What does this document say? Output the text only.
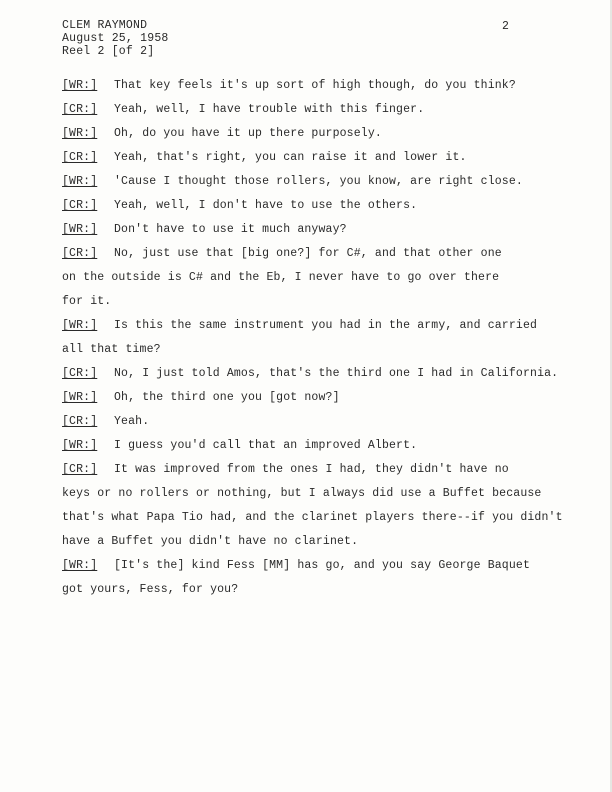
CLEM RAYMOND
August 25, 1958
Reel 2 [of 2]
2
[WR:] That key feels it's up sort of high though, do you think?
[CR:] Yeah, well, I have trouble with this finger.
[WR:] Oh, do you have it up there purposely.
[CR:] Yeah, that's right, you can raise it and lower it.
[WR:] 'Cause I thought those rollers, you know, are right close.
[CR:] Yeah, well, I don't have to use the others.
[WR:] Don't have to use it much anyway?
[CR:] No, just use that [big one?] for C#, and that other one
on the outside is C# and the Eb, I never have to go over there
for it.
[WR:] Is this the same instrument you had in the army, and carried
all that time?
[CR:] No, I just told Amos, that's the third one I had in California.
[WR:] Oh, the third one you [got now?]
[CR:] Yeah.
[WR:] I guess you'd call that an improved Albert.
[CR:] It was improved from the ones I had, they didn't have no
keys or no rollers or nothing, but I always did use a Buffet because
that's what Papa Tio had, and the clarinet players there--if you didn't
have a Buffet you didn't have no clarinet.
[WR:] [It's the] kind Fess [MM] has go, and you say George Baquet
got yours, Fess, for you?
